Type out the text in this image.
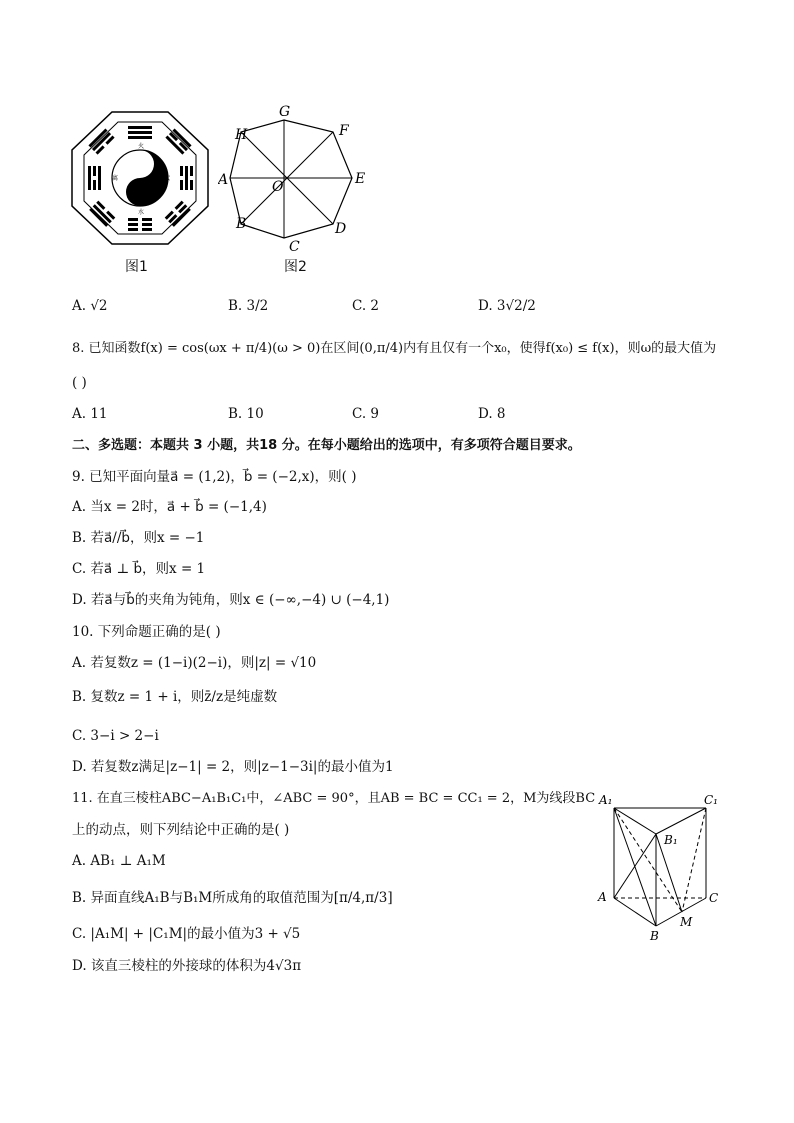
火
水
离	坎
图1
G
F
E
D
C
B
A
H
O
图2
A. √2	B. 3/2	C. 2	D. 3√2/2
8. 已知函数f(x) = cos(ωx + π/4)(ω > 0)在区间(0,π/4)内有且仅有一个x₀，使得f(x₀) ≤ f(x)，则ω的最大值为
( )
A. 11	B. 10	C. 9	D. 8
二、多选题：本题共 3 小题，共18 分。在每小题给出的选项中，有多项符合题目要求。
9. 已知平面向量a⃗ = (1,2)，b⃗ = (−2,x)，则( )
A. 当x = 2时，a⃗ + b⃗ = (−1,4)
B. 若a⃗//b⃗，则x = −1
C. 若a⃗ ⊥ b⃗，则x = 1
D. 若a⃗与b⃗的夹角为钝角，则x ∈ (−∞,−4) ∪ (−4,1)
10. 下列命题正确的是( )
A. 若复数z = (1−i)(2−i)，则|z| = √10
B. 复数z = 1 + i，则z̄/z是纯虚数
C. 3−i > 2−i
D. 若复数z满足|z−1| = 2，则|z−1−3i|的最小值为1
11. 在直三棱柱ABC−A₁B₁C₁中，∠ABC = 90°，且AB = BC = CC₁ = 2，M为线段BC
上的动点，则下列结论中正确的是( )
A. AB₁ ⊥ A₁M
B. 异面直线A₁B与B₁M所成角的取值范围为[π/4,π/3]
C. |A₁M| + |C₁M|的最小值为3 + √5
D. 该直三棱柱的外接球的体积为4√3π
A₁	C₁
B₁
A	C
B
M
